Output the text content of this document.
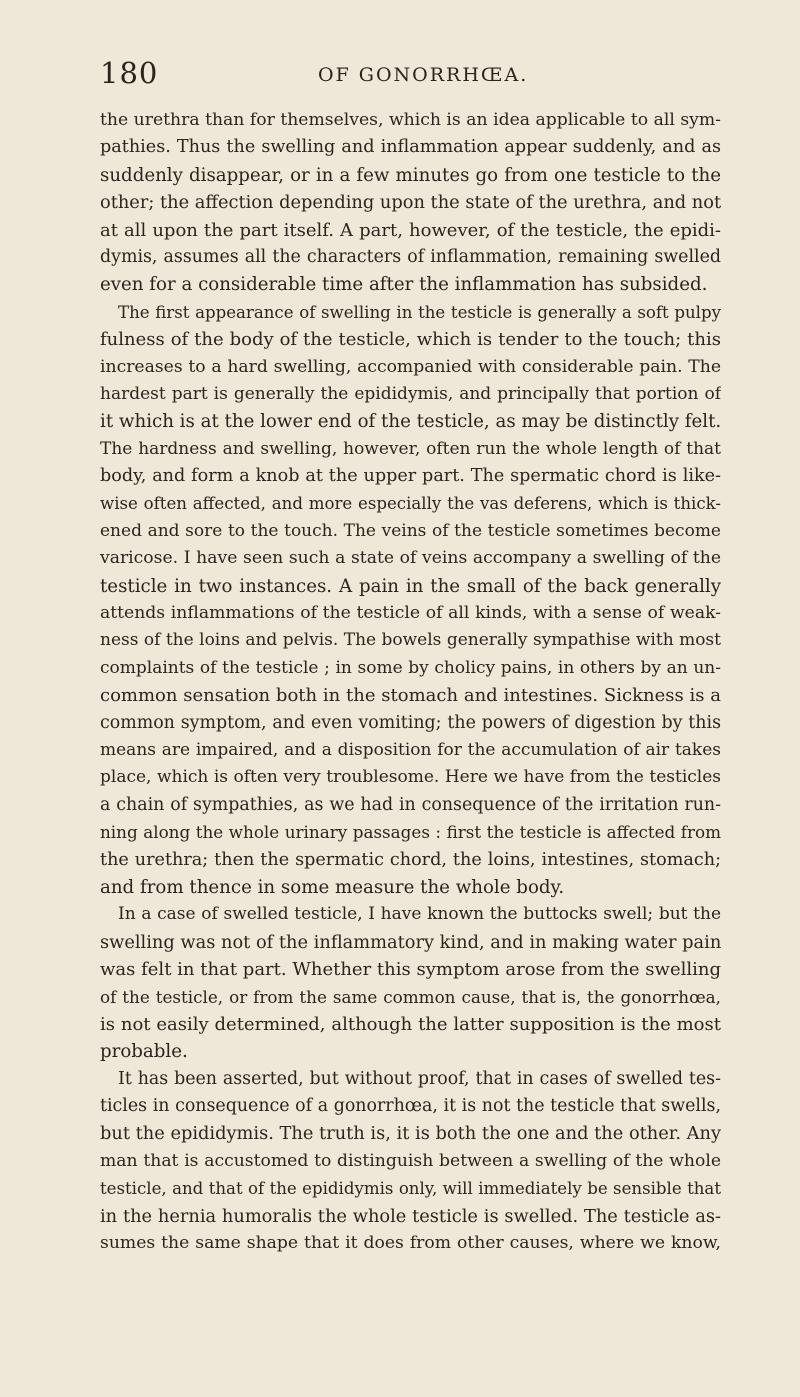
180	OF GONORRHŒA.
the urethra than for themselves, which is an idea applicable to all sym-
pathies. Thus the swelling and inflammation appear suddenly, and as
suddenly disappear, or in a few minutes go from one testicle to the
other; the affection depending upon the state of the urethra, and not
at all upon the part itself. A part, however, of the testicle, the epidi-
dymis, assumes all the characters of inflammation, remaining swelled
even for a considerable time after the inflammation has subsided.
The first appearance of swelling in the testicle is generally a soft pulpy
fulness of the body of the testicle, which is tender to the touch; this
increases to a hard swelling, accompanied with considerable pain. The
hardest part is generally the epididymis, and principally that portion of
it which is at the lower end of the testicle, as may be distinctly felt.
The hardness and swelling, however, often run the whole length of that
body, and form a knob at the upper part. The spermatic chord is like-
wise often affected, and more especially the vas deferens, which is thick-
ened and sore to the touch. The veins of the testicle sometimes become
varicose. I have seen such a state of veins accompany a swelling of the
testicle in two instances. A pain in the small of the back generally
attends inflammations of the testicle of all kinds, with a sense of weak-
ness of the loins and pelvis. The bowels generally sympathise with most
complaints of the testicle ; in some by cholicy pains, in others by an un-
common sensation both in the stomach and intestines. Sickness is a
common symptom, and even vomiting; the powers of digestion by this
means are impaired, and a disposition for the accumulation of air takes
place, which is often very troublesome. Here we have from the testicles
a chain of sympathies, as we had in consequence of the irritation run-
ning along the whole urinary passages : first the testicle is affected from
the urethra; then the spermatic chord, the loins, intestines, stomach;
and from thence in some measure the whole body.
In a case of swelled testicle, I have known the buttocks swell; but the
swelling was not of the inflammatory kind, and in making water pain
was felt in that part. Whether this symptom arose from the swelling
of the testicle, or from the same common cause, that is, the gonorrhœa,
is not easily determined, although the latter supposition is the most
probable.
It has been asserted, but without proof, that in cases of swelled tes-
ticles in consequence of a gonorrhœa, it is not the testicle that swells,
but the epididymis. The truth is, it is both the one and the other. Any
man that is accustomed to distinguish between a swelling of the whole
testicle, and that of the epididymis only, will immediately be sensible that
in the hernia humoralis the whole testicle is swelled. The testicle as-
sumes the same shape that it does from other causes, where we know,
